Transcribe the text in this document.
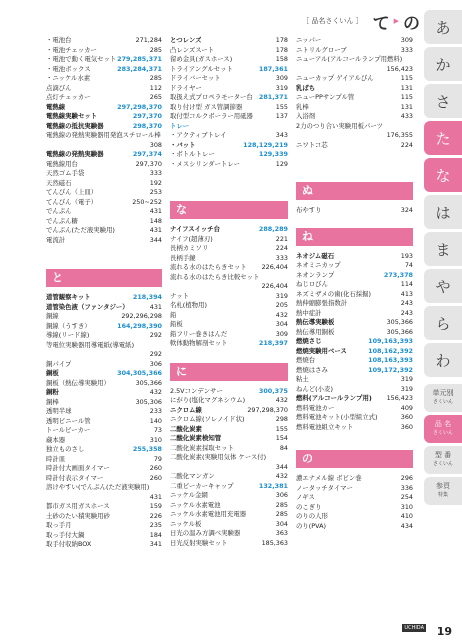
［ 品名さくいん ］ て ▶ の
・電池台	271,284
・電池チェッカー	285
・電池で動く電気セット 279,285,371
・電池ボックス	283,284,371
・ニッケル水素	285
点滴びん	112
点灯チェッカー	265
電熱線	297,298,370
電熱線実験セット	297,370
電熱線の抵抗実験器	298,370
電熱線の発熱実験器用発泡スチロール棒
308
電熱線の発熱実験器	297,374
電熱線用台	297,370
天然ゴム手袋	333
天然磁石	192
てんびん（上皿）	253
てんびん（電子）	250~252
でんぷん	431
でんぷん糖	148
でんぷん(ただ液実験用)	431
電流計	344
と
道管観察キット	218,394
道管染色液（ファンタジー）	431
銅線	292,296,298
銅線（うすき）	164,298,390
導線(リード線)	292
等電位実験器用導電紙(導電紙)
292
銅パイプ	306
銅板	304,305,366
銅板（熱伝導実験用）	305,366
銅粉	432
銅棒	305,306
透明半球	233
透明ビニール管	140
トールビーカー	73
蔵本器	310
独立ものさし	255,358
時計皿	79
時計付大画面タイマー	260
時計付表示タイマー	260
溶けやすい(でんぷん(ただ液実験用)
431
都市ガス用ガスホース	159
土砂のたい積実験用砂	226
取っ手月	235
取っ手付大鍋	184
取手付収納BOX	341
とつレンズ	178
凸レンズスート	178
留め金具(ガスホース)	158
トライアングルセット	187,361
ドライバーセット	309
ドライヤー	319
取扱え式プロペラモーター台 281,371
取り付け型 ガス管調節器	155
取付型コルクボーラー用砥器	137
トレー
・アクティブトレイ	343
・バット	128,129,219
・ボトルトレー	129,339
・メスシリンダートレー	129
な
ナイフスイッチ台	288,289
ナイフ(超薄刃)	221
長柄カミソリ	224
長柄手鏡	333
流れる水のはたらきセット 226,404
流れる水のはたらき比較セット
226,404
ナット	319
名札(植物用)	205
鉛	432
鉛板	304
鉛フリー巻きはんだ	309
軟体動物解剖セット	218,397
に
2.5Vコンデンサー	300,375
にがり(塩化マグネシウム)	432
ニクロム線	297,298,370
ニクロム線(ソレノイド状)	298
二酸化炭素	155
二酸化炭素検知管	154
二酸化炭素採取セット	84
二酸化炭素(実験用気体 ケース付)
344
二酸化マンガン	432
二重ビーカーキャップ	132,381
ニッケル金網	306
ニッケル水素電池	285
ニッケル水素電池用充電器	285
ニッケル板	304
日光の温み方調べ実験器	363
日光反射実験セット	185,363
ニッパー	309
ニトリルグローブ	333
ニューアル(アルコールランプ用燃料)
156,423
ニューカップ ゲイアルびん	115
乳ばち	131
ニューPPサンプル管	115
乳棒	131
入浴剤	433
2力のつり合い実験用板パーツ
176,355
ニワトコ芯	224
ぬ
布やすり	324
ね
ネオジム磁石	193
ネオミニカップ	74
ネオンランプ	273,378
ねじロびん	114
ネズミザメの歯(化石採掘)	413
熱伸縮膨張指数計	243
熱中症計	243
熱伝導実験板	305,366
熱伝導用銅板	305,366
燃焼さじ	109,163,393
燃焼実験用ベース	108,162,392
燃焼台	108,163,393
燃焼はさみ	109,172,392
粘土	319
ねんど(小麦)	319
燃料(アルコールランプ用) 156,423
燃料電池カー	409
燃料電池キット(小型組立式)	360
燃料電池組立キット	360
の
濃エナメル線 ボビン巻	296
ノータッチタイマー	336
ノギス	254
のこぎり	310
のりの人形	410
のり(PVA)	434
あ
か
さ
た
な
は
ま
や
ら
わ
単元別
さくいん
品 名
さくいん
型 番
さくいん
参頁
特集
UCHIDA 19
